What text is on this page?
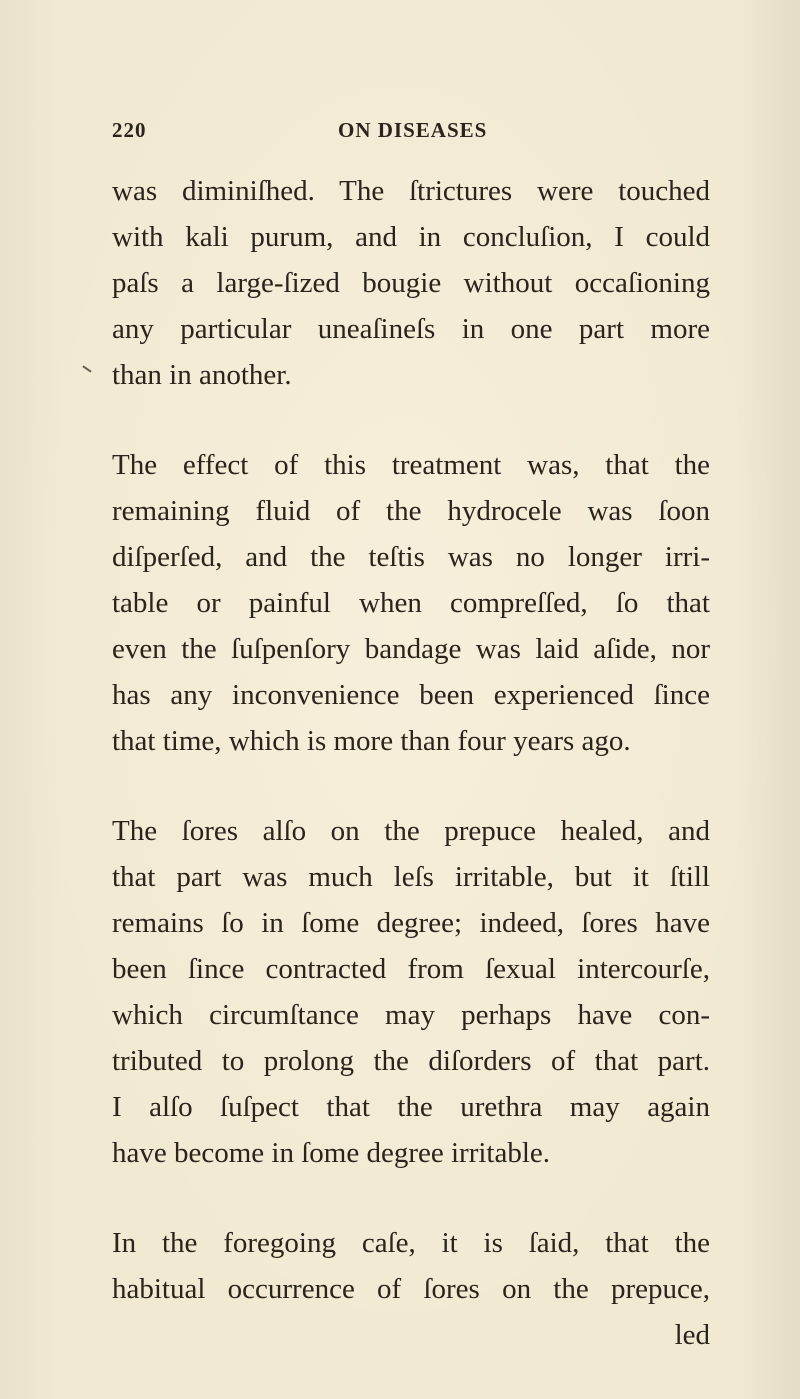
220	ON DISEASES
was diminiſhed. The ſtrictures were touched
with kali purum, and in concluſion, I could
paſs a large-ſized bougie without occaſioning
any particular uneaſineſs in one part more
than in another.
The effect of this treatment was, that the
remaining fluid of the hydrocele was ſoon
diſperſed, and the teſtis was no longer irri-
table or painful when compreſſed, ſo that
even the ſuſpenſory bandage was laid aſide, nor
has any inconvenience been experienced ſince
that time, which is more than four years ago.
The ſores alſo on the prepuce healed, and
that part was much leſs irritable, but it ſtill
remains ſo in ſome degree; indeed, ſores have
been ſince contracted from ſexual intercourſe,
which circumſtance may perhaps have con-
tributed to prolong the diſorders of that part.
I alſo ſuſpect that the urethra may again
have become in ſome degree irritable.
In the foregoing caſe, it is ſaid, that the
habitual occurrence of ſores on the prepuce,
led
